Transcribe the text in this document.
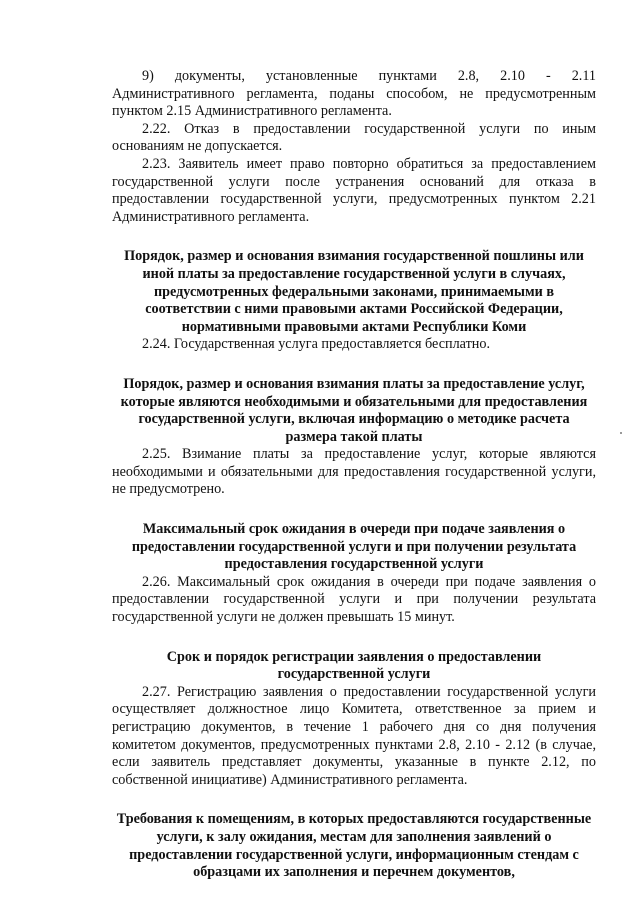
9) документы, установленные пунктами 2.8, 2.10 - 2.11 Административного регламента, поданы способом, не предусмотренным пунктом 2.15 Административного регламента.

2.22. Отказ в предоставлении государственной услуги по иным основаниям не допускается.

2.23. Заявитель имеет право повторно обратиться за предоставлением государственной услуги после устранения оснований для отказа в предоставлении государственной услуги, предусмотренных пунктом 2.21 Административного регламента.

Порядок, размер и основания взимания государственной пошлины или иной платы за предоставление государственной услуги в случаях, предусмотренных федеральными законами, принимаемыми в соответствии с ними правовыми актами Российской Федерации, нормативными правовыми актами Республики Коми

2.24. Государственная услуга предоставляется бесплатно.

Порядок, размер и основания взимания платы за предоставление услуг, которые являются необходимыми и обязательными для предоставления государственной услуги, включая информацию о методике расчета размера такой платы

2.25. Взимание платы за предоставление услуг, которые являются необходимыми и обязательными для предоставления государственной услуги, не предусмотрено.

Максимальный срок ожидания в очереди при подаче заявления о предоставлении государственной услуги и при получении результата предоставления государственной услуги

2.26. Максимальный срок ожидания в очереди при подаче заявления о предоставлении государственной услуги и при получении результата государственной услуги не должен превышать 15 минут.

Срок и порядок регистрации заявления о предоставлении государственной услуги

2.27. Регистрацию заявления о предоставлении государственной услуги осуществляет должностное лицо Комитета, ответственное за прием и регистрацию документов, в течение 1 рабочего дня со дня получения комитетом документов, предусмотренных пунктами 2.8, 2.10 - 2.12 (в случае, если заявитель представляет документы, указанные в пункте 2.12, по собственной инициативе) Административного регламента.

Требования к помещениям, в которых предоставляются государственные услуги, к залу ожидания, местам для заполнения заявлений о предоставлении государственной услуги, информационным стендам с образцами их заполнения и перечнем документов,
